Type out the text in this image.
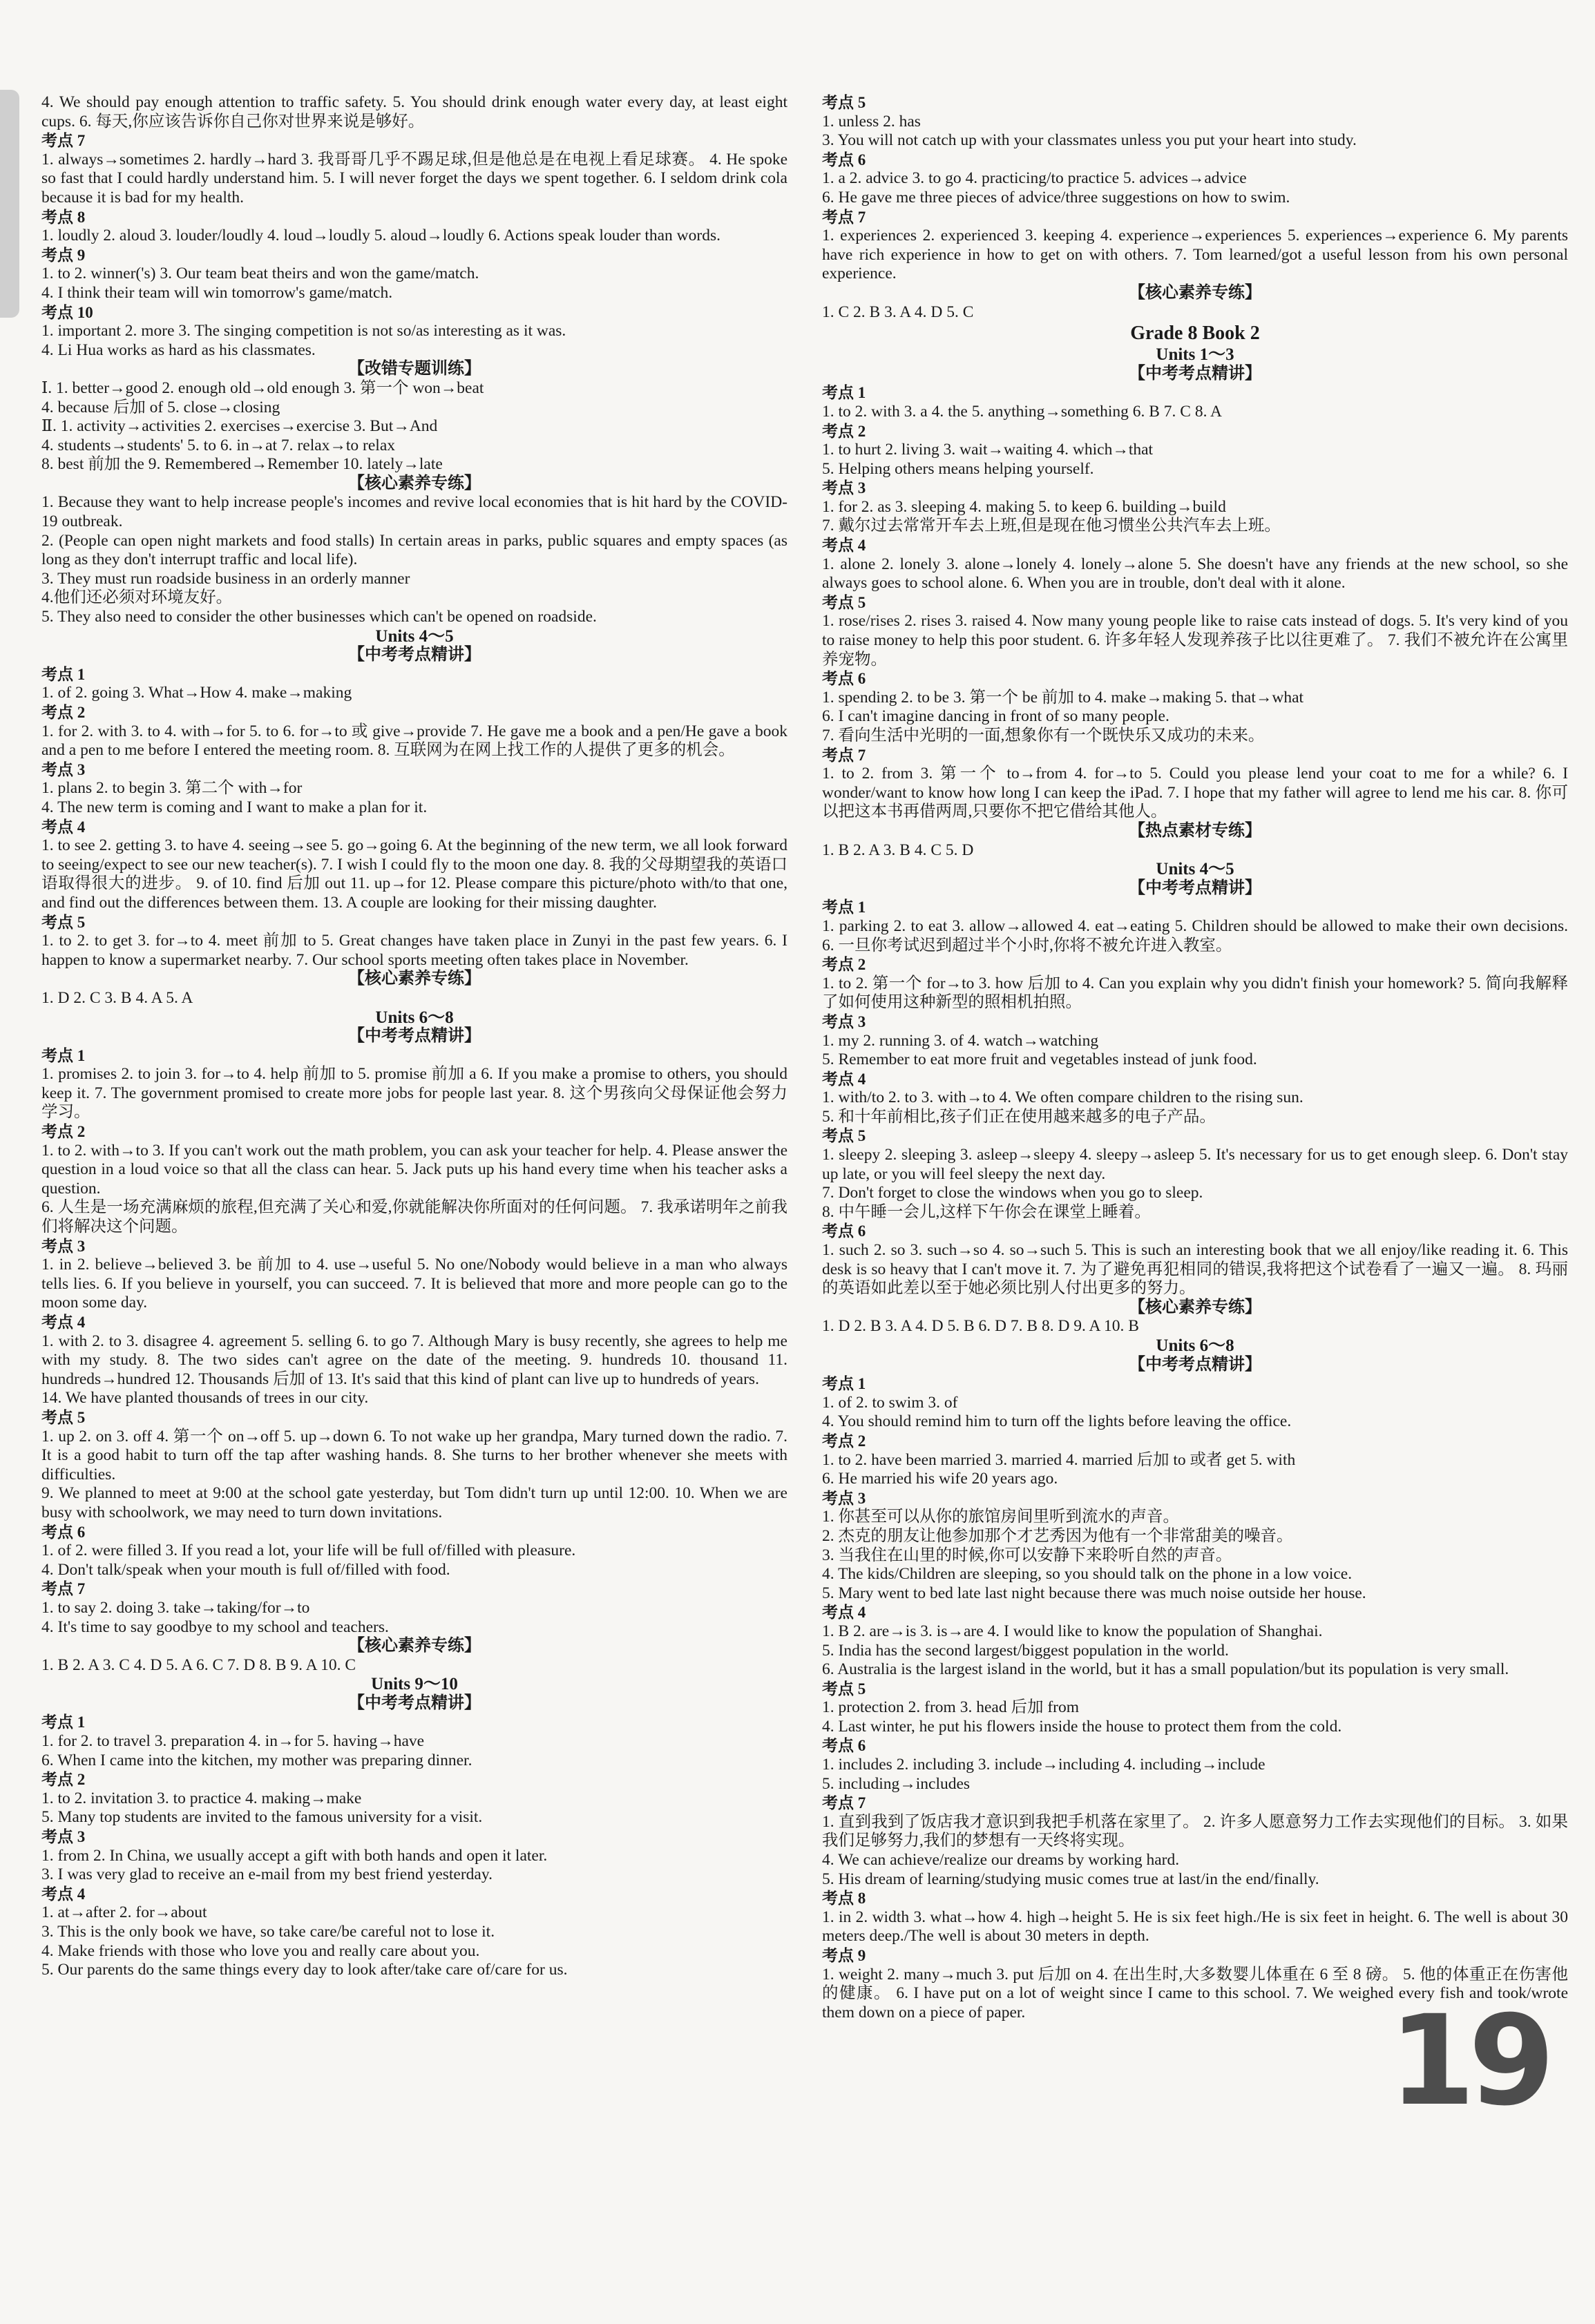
4. We should pay enough attention to traffic safety. 5. You should drink enough water every day, at least eight cups. 6. 每天,你应该告诉你自己你对世界来说是够好。

考点 7

1. always→sometimes 2. hardly→hard 3. 我哥哥几乎不踢足球,但是他总是在电视上看足球赛。 4. He spoke so fast that I could hardly understand him. 5. I will never forget the days we spent together. 6. I seldom drink cola because it is bad for my health.

考点 8

1. loudly 2. aloud 3. louder/loudly 4. loud→loudly 5. aloud→loudly 6. Actions speak louder than words.

考点 9

1. to 2. winner('s) 3. Our team beat theirs and won the game/match.

4. I think their team will win tomorrow's game/match.

考点 10

1. important 2. more 3. The singing competition is not so/as interesting as it was.

4. Li Hua works as hard as his classmates.

【改错专题训练】

Ⅰ. 1. better→good 2. enough old→old enough 3. 第一个 won→beat

4. because 后加 of 5. close→closing

Ⅱ. 1. activity→activities 2. exercises→exercise 3. But→And

4. students→students' 5. to 6. in→at 7. relax→to relax

8. best 前加 the 9. Remembered→Remember 10. lately→late

【核心素养专练】

1. Because they want to help increase people's incomes and revive local economies that is hit hard by the COVID-19 outbreak.

2. (People can open night markets and food stalls) In certain areas in parks, public squares and empty spaces (as long as they don't interrupt traffic and local life).

3. They must run roadside business in an orderly manner

4.他们还必须对环境友好。

5. They also need to consider the other businesses which can't be opened on roadside.

Units 4～5

【中考考点精讲】

考点 1

1. of 2. going 3. What→How 4. make→making

考点 2

1. for 2. with 3. to 4. with→for 5. to 6. for→to 或 give→provide 7. He gave me a book and a pen/He gave a book and a pen to me before I entered the meeting room. 8. 互联网为在网上找工作的人提供了更多的机会。

考点 3

1. plans 2. to begin 3. 第二个 with→for

4. The new term is coming and I want to make a plan for it.

考点 4

1. to see 2. getting 3. to have 4. seeing→see 5. go→going 6. At the beginning of the new term, we all look forward to seeing/expect to see our new teacher(s). 7. I wish I could fly to the moon one day. 8. 我的父母期望我的英语口语取得很大的进步。 9. of 10. find 后加 out 11. up→for 12. Please compare this picture/photo with/to that one, and find out the differences between them. 13. A couple are looking for their missing daughter.

考点 5

1. to 2. to get 3. for→to 4. meet 前加 to 5. Great changes have taken place in Zunyi in the past few years. 6. I happen to know a supermarket nearby. 7. Our school sports meeting often takes place in November.

【核心素养专练】

1. D 2. C 3. B 4. A 5. A

Units 6～8

【中考考点精讲】

考点 1

1. promises 2. to join 3. for→to 4. help 前加 to 5. promise 前加 a 6. If you make a promise to others, you should keep it. 7. The government promised to create more jobs for people last year. 8. 这个男孩向父母保证他会努力学习。

考点 2

1. to 2. with→to 3. If you can't work out the math problem, you can ask your teacher for help. 4. Please answer the question in a loud voice so that all the class can hear. 5. Jack puts up his hand every time when his teacher asks a question.

6. 人生是一场充满麻烦的旅程,但充满了关心和爱,你就能解决你所面对的任何问题。 7. 我承诺明年之前我们将解决这个问题。

考点 3

1. in 2. believe→believed 3. be 前加 to 4. use→useful 5. No one/Nobody would believe in a man who always tells lies. 6. If you believe in yourself, you can succeed. 7. It is believed that more and more people can go to the moon some day.

考点 4

1. with 2. to 3. disagree 4. agreement 5. selling 6. to go 7. Although Mary is busy recently, she agrees to help me with my study. 8. The two sides can't agree on the date of the meeting. 9. hundreds 10. thousand 11. hundreds→hundred 12. Thousands 后加 of 13. It's said that this kind of plant can live up to hundreds of years.

14. We have planted thousands of trees in our city.

考点 5

1. up 2. on 3. off 4. 第一个 on→off 5. up→down 6. To not wake up her grandpa, Mary turned down the radio. 7. It is a good habit to turn off the tap after washing hands. 8. She turns to her brother whenever she meets with difficulties.

9. We planned to meet at 9:00 at the school gate yesterday, but Tom didn't turn up until 12:00. 10. When we are busy with schoolwork, we may need to turn down invitations.

考点 6

1. of 2. were filled 3. If you read a lot, your life will be full of/filled with pleasure.

4. Don't talk/speak when your mouth is full of/filled with food.

考点 7

1. to say 2. doing 3. take→taking/for→to

4. It's time to say goodbye to my school and teachers.

【核心素养专练】

1. B 2. A 3. C 4. D 5. A 6. C 7. D 8. B 9. A 10. C

Units 9～10

【中考考点精讲】

考点 1

1. for 2. to travel 3. preparation 4. in→for 5. having→have

6. When I came into the kitchen, my mother was preparing dinner.

考点 2

1. to 2. invitation 3. to practice 4. making→make

5. Many top students are invited to the famous university for a visit.

考点 3

1. from 2. In China, we usually accept a gift with both hands and open it later.

3. I was very glad to receive an e-mail from my best friend yesterday.

考点 4

1. at→after 2. for→about

3. This is the only book we have, so take care/be careful not to lose it.

4. Make friends with those who love you and really care about you.

5. Our parents do the same things every day to look after/take care of/care for us.

考点 5

1. unless 2. has

3. You will not catch up with your classmates unless you put your heart into study.

考点 6

1. a 2. advice 3. to go 4. practicing/to practice 5. advices→advice

6. He gave me three pieces of advice/three suggestions on how to swim.

考点 7

1. experiences 2. experienced 3. keeping 4. experience→experiences 5. experiences→experience 6. My parents have rich experience in how to get on with others. 7. Tom learned/got a useful lesson from his own personal experience.

【核心素养专练】

1. C 2. B 3. A 4. D 5. C

Grade 8 Book 2

Units 1～3

【中考考点精讲】

考点 1

1. to 2. with 3. a 4. the 5. anything→something 6. B 7. C 8. A

考点 2

1. to hurt 2. living 3. wait→waiting 4. which→that

5. Helping others means helping yourself.

考点 3

1. for 2. as 3. sleeping 4. making 5. to keep 6. building→build

7. 戴尔过去常常开车去上班,但是现在他习惯坐公共汽车去上班。

考点 4

1. alone 2. lonely 3. alone→lonely 4. lonely→alone 5. She doesn't have any friends at the new school, so she always goes to school alone. 6. When you are in trouble, don't deal with it alone.

考点 5

1. rose/rises 2. rises 3. raised 4. Now many young people like to raise cats instead of dogs. 5. It's very kind of you to raise money to help this poor student. 6. 许多年轻人发现养孩子比以往更难了。 7. 我们不被允许在公寓里养宠物。

考点 6

1. spending 2. to be 3. 第一个 be 前加 to 4. make→making 5. that→what

6. I can't imagine dancing in front of so many people.

7. 看向生活中光明的一面,想象你有一个既快乐又成功的未来。

考点 7

1. to 2. from 3. 第一个 to→from 4. for→to 5. Could you please lend your coat to me for a while? 6. I wonder/want to know how long I can keep the iPad. 7. I hope that my father will agree to lend me his car. 8. 你可以把这本书再借两周,只要你不把它借给其他人。

【热点素材专练】

1. B 2. A 3. B 4. C 5. D

Units 4～5

【中考考点精讲】

考点 1

1. parking 2. to eat 3. allow→allowed 4. eat→eating 5. Children should be allowed to make their own decisions. 6. 一旦你考试迟到超过半个小时,你将不被允许进入教室。

考点 2

1. to 2. 第一个 for→to 3. how 后加 to 4. Can you explain why you didn't finish your homework? 5. 简向我解释了如何使用这种新型的照相机拍照。

考点 3

1. my 2. running 3. of 4. watch→watching

5. Remember to eat more fruit and vegetables instead of junk food.

考点 4

1. with/to 2. to 3. with→to 4. We often compare children to the rising sun.

5. 和十年前相比,孩子们正在使用越来越多的电子产品。

考点 5

1. sleepy 2. sleeping 3. asleep→sleepy 4. sleepy→asleep 5. It's necessary for us to get enough sleep. 6. Don't stay up late, or you will feel sleepy the next day.

7. Don't forget to close the windows when you go to sleep.

8. 中午睡一会儿,这样下午你会在课堂上睡着。

考点 6

1. such 2. so 3. such→so 4. so→such 5. This is such an interesting book that we all enjoy/like reading it. 6. This desk is so heavy that I can't move it. 7. 为了避免再犯相同的错误,我将把这个试卷看了一遍又一遍。 8. 玛丽的英语如此差以至于她必须比别人付出更多的努力。

【核心素养专练】

1. D 2. B 3. A 4. D 5. B 6. D 7. B 8. D 9. A 10. B

Units 6～8

【中考考点精讲】

考点 1

1. of 2. to swim 3. of

4. You should remind him to turn off the lights before leaving the office.

考点 2

1. to 2. have been married 3. married 4. married 后加 to 或者 get 5. with

6. He married his wife 20 years ago.

考点 3

1. 你甚至可以从你的旅馆房间里听到流水的声音。

2. 杰克的朋友让他参加那个才艺秀因为他有一个非常甜美的噪音。

3. 当我住在山里的时候,你可以安静下来聆听自然的声音。

4. The kids/Children are sleeping, so you should talk on the phone in a low voice.

5. Mary went to bed late last night because there was much noise outside her house.

考点 4

1. B 2. are→is 3. is→are 4. I would like to know the population of Shanghai.

5. India has the second largest/biggest population in the world.

6. Australia is the largest island in the world, but it has a small population/but its population is very small.

考点 5

1. protection 2. from 3. head 后加 from

4. Last winter, he put his flowers inside the house to protect them from the cold.

考点 6

1. includes 2. including 3. include→including 4. including→include

5. including→includes

考点 7

1. 直到我到了饭店我才意识到我把手机落在家里了。 2. 许多人愿意努力工作去实现他们的目标。 3. 如果我们足够努力,我们的梦想有一天终将实现。

4. We can achieve/realize our dreams by working hard.

5. His dream of learning/studying music comes true at last/in the end/finally.

考点 8

1. in 2. width 3. what→how 4. high→height 5. He is six feet high./He is six feet in height. 6. The well is about 30 meters deep./The well is about 30 meters in depth.

考点 9

1. weight 2. many→much 3. put 后加 on 4. 在出生时,大多数婴儿体重在 6 至 8 磅。 5. 他的体重正在伤害他的健康。 6. I have put on a lot of weight since I came to this school. 7. We weighed every fish and took/wrote them down on a piece of paper.	19
